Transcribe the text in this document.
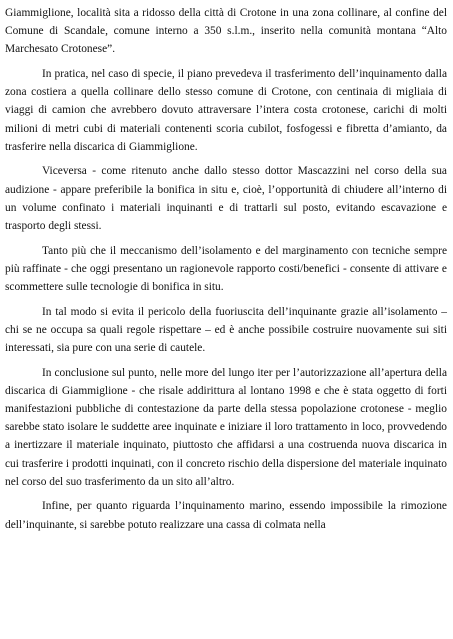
Giammiglione, località sita a ridosso della città di Crotone in una zona collinare, al confine del Comune di Scandale, comune interno a 350 s.l.m., inserito nella comunità montana “Alto Marchesato Crotonese”.

In pratica, nel caso di specie, il piano prevedeva il trasferimento dell’inquinamento dalla zona costiera a quella collinare dello stesso comune di Crotone, con centinaia di migliaia di viaggi di camion che avrebbero dovuto attraversare l’intera costa crotonese, carichi di molti milioni di metri cubi di materiali contenenti scoria cubilot, fosfogessi e fibretta d’amianto, da trasferire nella discarica di Giammiglione.

Viceversa - come ritenuto anche dallo stesso dottor Mascazzini nel corso della sua audizione - appare preferibile la bonifica in situ e, cioè, l’opportunità di chiudere all’interno di un volume confinato i materiali inquinanti e di trattarli sul posto, evitando escavazione e trasporto degli stessi.

Tanto più che il meccanismo dell’isolamento e del marginamento con tecniche sempre più raffinate - che oggi presentano un ragionevole rapporto costi/benefici - consente di attivare e scommettere sulle tecnologie di bonifica in situ.

In tal modo si evita il pericolo della fuoriuscita dell’inquinante grazie all’isolamento – chi se ne occupa sa quali regole rispettare – ed è anche possibile costruire nuovamente sui siti interessati, sia pure con una serie di cautele.

In conclusione sul punto, nelle more del lungo iter per l’autorizzazione all’apertura della discarica di Giammiglione - che risale addirittura al lontano 1998 e che è stata oggetto di forti manifestazioni pubbliche di contestazione da parte della stessa popolazione crotonese - meglio sarebbe stato isolare le suddette aree inquinate e iniziare il loro trattamento in loco, provvedendo a inertizzare il materiale inquinato, piuttosto che affidarsi a una costruenda nuova discarica in cui trasferire i prodotti inquinati, con il concreto rischio della dispersione del materiale inquinato nel corso del suo trasferimento da un sito all’altro.

Infine, per quanto riguarda l’inquinamento marino, essendo impossibile la rimozione dell’inquinante, si sarebbe potuto realizzare una cassa di colmata nella
